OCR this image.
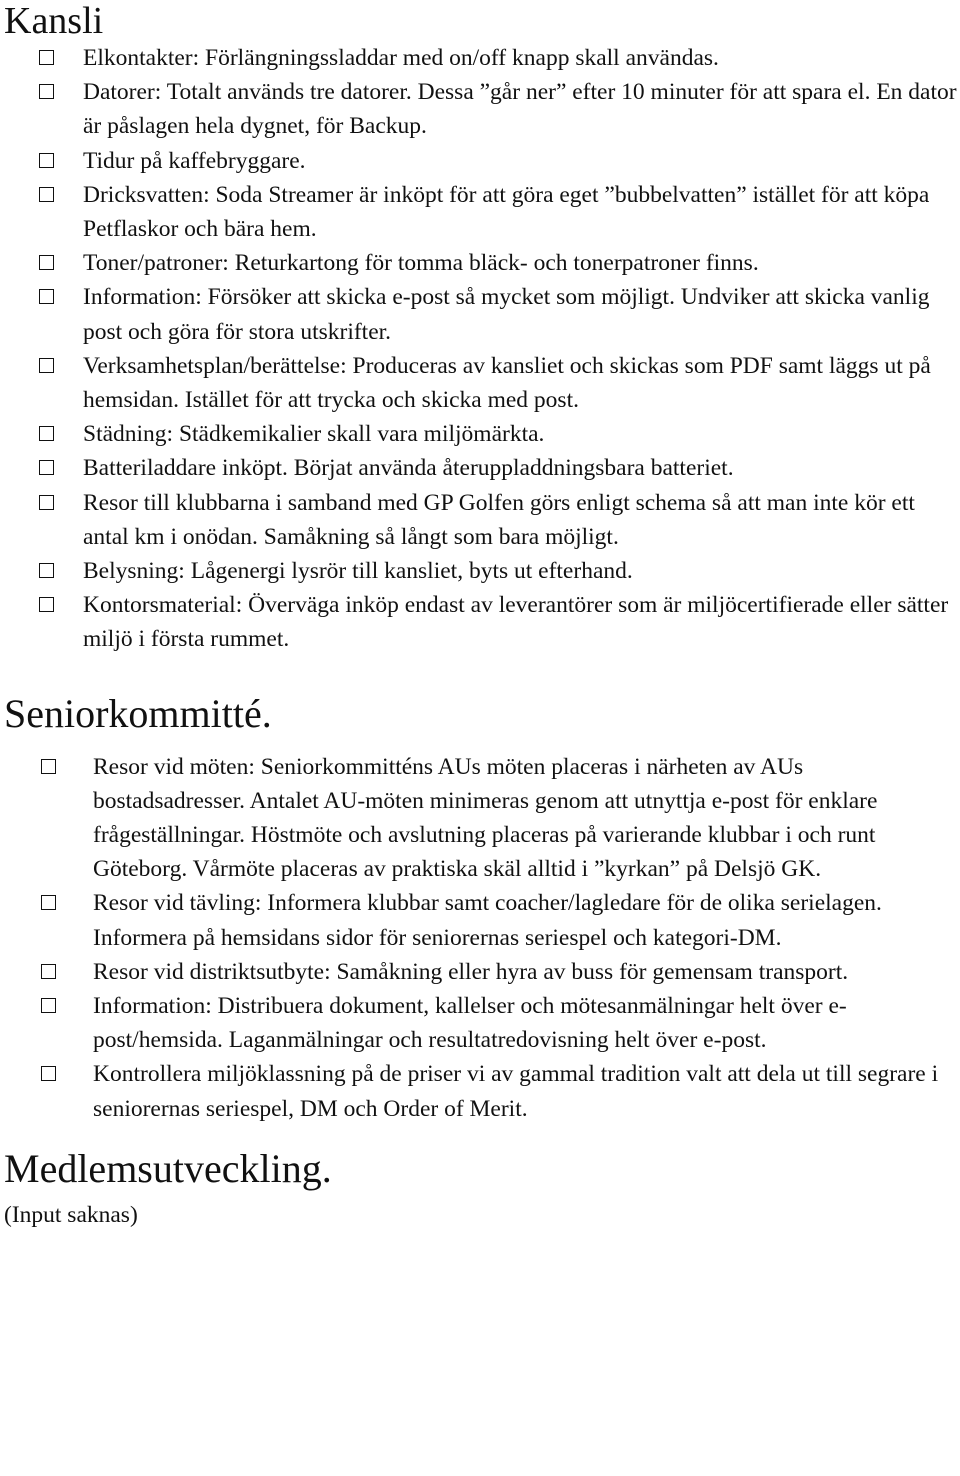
Kansli
Elkontakter: Förlängningssladdar med on/off knapp skall användas.
Datorer: Totalt används tre datorer. Dessa ”går ner” efter 10 minuter för att spara el. En dator är påslagen hela dygnet, för Backup.
Tidur på kaffebryggare.
Dricksvatten: Soda Streamer är inköpt för att göra eget ”bubbelvatten” istället för att köpa Petflaskor och bära hem.
Toner/patroner: Returkartong för tomma bläck- och tonerpatroner finns.
Information: Försöker att skicka e-post så mycket som möjligt. Undviker att skicka vanlig post och göra för stora utskrifter.
Verksamhetsplan/berättelse: Produceras av kansliet och skickas som PDF samt läggs ut på hemsidan. Istället för att trycka och skicka med post.
Städning: Städkemikalier skall vara miljömärkta.
Batteriladdare inköpt. Börjat använda återuppladdningsbara batteriet.
Resor till klubbarna i samband med GP Golfen görs enligt schema så att man inte kör ett antal km i onödan. Samåkning så långt som bara möjligt.
Belysning: Lågenergi lysrör till kansliet, byts ut efterhand.
Kontorsmaterial: Överväga inköp endast av leverantörer som är miljöcertifierade eller sätter miljö i första rummet.
Seniorkommitté.
Resor vid möten: Seniorkommitténs AUs möten placeras i närheten av AUs bostadsadresser. Antalet AU-möten minimeras genom att utnyttja e-post för enklare frågeställningar. Höstmöte och avslutning placeras på varierande klubbar i och runt Göteborg. Vårmöte placeras av praktiska skäl alltid i ”kyrkan” på Delsjö GK.
Resor vid tävling: Informera klubbar samt coacher/lagledare för de olika serielagen. Informera på hemsidans sidor för seniorernas seriespel och kategori-DM.
Resor vid distriktsutbyte: Samåkning eller hyra av buss för gemensam transport.
Information: Distribuera dokument, kallelser och mötesanmälningar helt över e-post/hemsida. Laganmälningar och resultatredovisning helt över e-post.
Kontrollera miljöklassning på de priser vi av gammal tradition valt att dela ut till segrare i seniorernas seriespel, DM och Order of Merit.
Medlemsutveckling.
(Input saknas)
